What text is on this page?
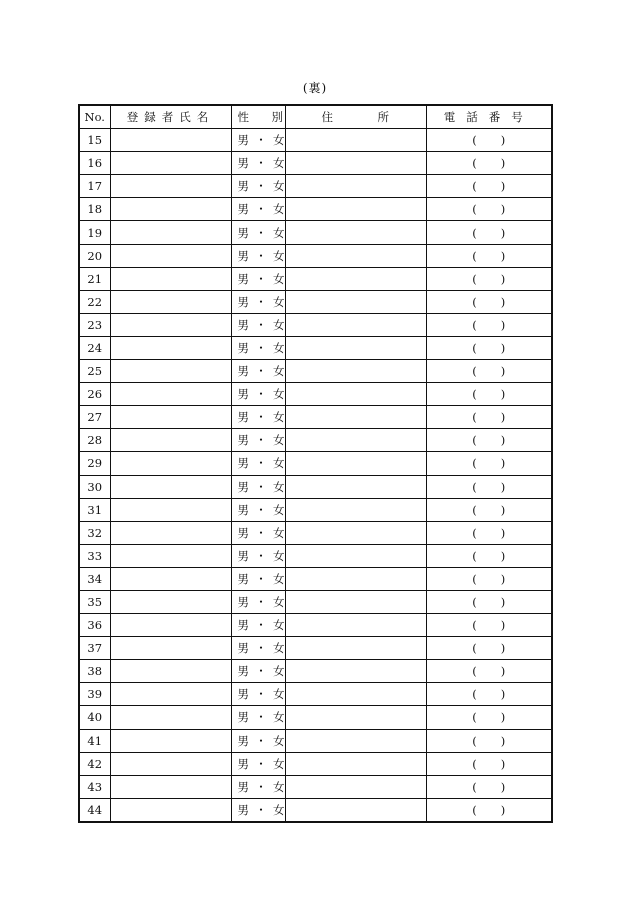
(裏)
No.	登録者氏名	性 別	住 所	電話番号
15		男 ・ 女		( )
16		男 ・ 女		( )
17		男 ・ 女		( )
18		男 ・ 女		( )
19		男 ・ 女		( )
20		男 ・ 女		( )
21		男 ・ 女		( )
22		男 ・ 女		( )
23		男 ・ 女		( )
24		男 ・ 女		( )
25		男 ・ 女		( )
26		男 ・ 女		( )
27		男 ・ 女		( )
28		男 ・ 女		( )
29		男 ・ 女		( )
30		男 ・ 女		( )
31		男 ・ 女		( )
32		男 ・ 女		( )
33		男 ・ 女		( )
34		男 ・ 女		( )
35		男 ・ 女		( )
36		男 ・ 女		( )
37		男 ・ 女		( )
38		男 ・ 女		( )
39		男 ・ 女		( )
40		男 ・ 女		( )
41		男 ・ 女		( )
42		男 ・ 女		( )
43		男 ・ 女		( )
44		男 ・ 女		( )
